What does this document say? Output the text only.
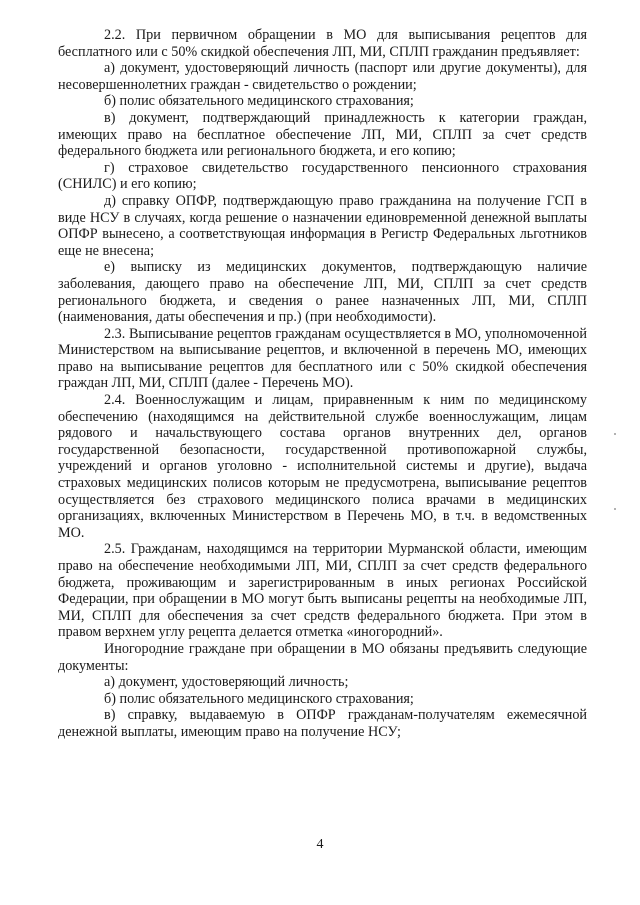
2.2. При первичном обращении в МО для выписывания рецептов для бесплатного или с 50% скидкой обеспечения ЛП, МИ, СПЛП гражданин предъявляет:

а) документ, удостоверяющий личность (паспорт или другие документы), для несовершеннолетних граждан - свидетельство о рождении;

б) полис обязательного медицинского страхования;

в) документ, подтверждающий принадлежность к категории граждан, имеющих право на бесплатное обеспечение ЛП, МИ, СПЛП за счет средств федерального бюджета или регионального бюджета, и его копию;

г) страховое свидетельство государственного пенсионного страхования (СНИЛС) и его копию;

д) справку ОПФР, подтверждающую право гражданина на получение ГСП в виде НСУ в случаях, когда решение о назначении единовременной денежной выплаты ОПФР вынесено, а соответствующая информация в Регистр Федеральных льготников еще не внесена;

е) выписку из медицинских документов, подтверждающую наличие заболевания, дающего право на обеспечение ЛП, МИ, СПЛП за счет средств регионального бюджета, и сведения о ранее назначенных ЛП, МИ, СПЛП (наименования, даты обеспечения и пр.) (при необходимости).

2.3. Выписывание рецептов гражданам осуществляется в МО, уполномоченной Министерством на выписывание рецептов, и включенной в перечень МО, имеющих право на выписывание рецептов для бесплатного или с 50% скидкой обеспечения граждан ЛП, МИ, СПЛП (далее - Перечень МО).

2.4. Военнослужащим и лицам, приравненным к ним по медицинскому обеспечению (находящимся на действительной службе военнослужащим, лицам рядового и начальствующего состава органов внутренних дел, органов государственной безопасности, государственной противопожарной службы, учреждений и органов уголовно - исполнительной системы и другие), выдача страховых медицинских полисов которым не предусмотрена, выписывание рецептов осуществляется без страхового медицинского полиса врачами в медицинских организациях, включенных Министерством в Перечень МО, в т.ч. в ведомственных МО.

2.5. Гражданам, находящимся на территории Мурманской области, имеющим право на обеспечение необходимыми ЛП, МИ, СПЛП за счет средств федерального бюджета, проживающим и зарегистрированным в иных регионах Российской Федерации, при обращении в МО могут быть выписаны рецепты на необходимые ЛП, МИ, СПЛП для обеспечения за счет средств федерального бюджета. При этом в правом верхнем углу рецепта делается отметка «иногородний».

Иногородние граждане при обращении в МО обязаны предъявить следующие документы:

а) документ, удостоверяющий личность;

б) полис обязательного медицинского страхования;

в) справку, выдаваемую в ОПФР гражданам-получателям ежемесячной денежной выплаты, имеющим право на получение НСУ;

4
